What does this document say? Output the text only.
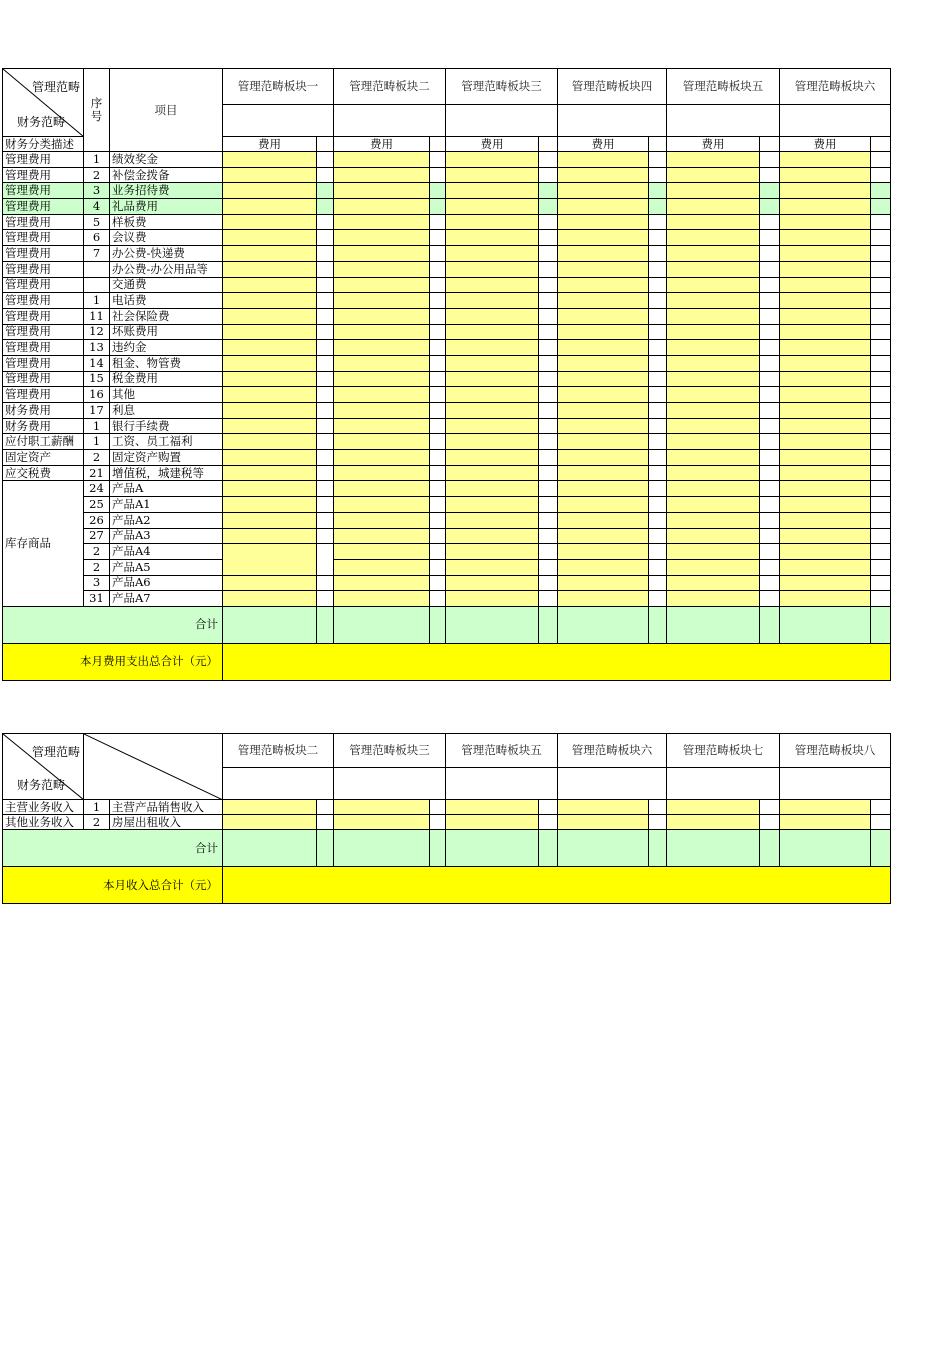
管理范畴
财务范畴	序
号	项目	管理范畴板块一		管理范畴板块二		管理范畴板块三		管理范畴板块四		管理范畴板块五		管理范畴板块六	

财务分类描述			费用		费用		费用		费用		费用		费用	
管理费用	1	绩效奖金												
管理费用	2	补偿金拨备												
管理费用	3	业务招待费												
管理费用	4	礼品费用												
管理费用	5	样板费												
管理费用	6	会议费												
管理费用	7	办公费-快递费												
管理费用		办公费-办公用品等												
管理费用		交通费												
管理费用	1	电话费												
管理费用	11	社会保险费												
管理费用	12	坏账费用												
管理费用	13	违约金												
管理费用	14	租金、物管费												
管理费用	15	税金费用												
管理费用	16	其他												
财务费用	17	利息												
财务费用	1	银行手续费												
应付职工薪酬	1	工资、员工福利												
固定资产	2	固定资产购置												
应交税费	21	增值税，城建税等												
库存商品	24	产品A												
	25	产品A1												
	26	产品A2												
	27	产品A3												
	2	产品A4												
	2	产品A5												
	3	产品A6												
	31	产品A7												
合计														
本月费用支出总合计（元）														
管理范畴
财务范畴			管理范畴板块二		管理范畴板块三		管理范畴板块五		管理范畴板块六		管理范畴板块七		管理范畴板块八	

主营业务收入	1	主营产品销售收入												
其他业务收入	2	房屋出租收入												
合计														
本月收入总合计（元）														
